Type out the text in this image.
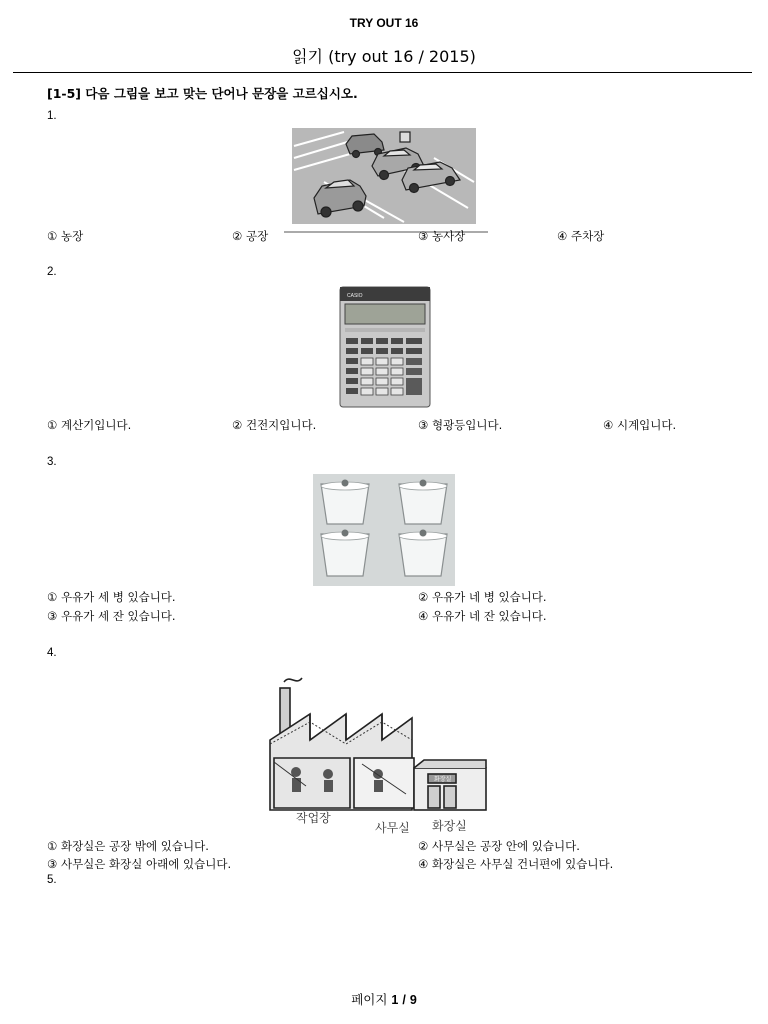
TRY OUT 16
읽기 (try out 16 / 2015)
[1-5] 다음 그림을 보고 맞는 단어나 문장을 고르십시오.
1.
① 농장	② 공장	③ 농사장	④ 주차장
2.
CASIO
① 계산기입니다.	② 건전지입니다.	③ 형광등입니다.	④ 시계입니다.
3.
① 우유가 세 병 있습니다.	② 우유가 네 병 있습니다.
③ 우유가 세 잔 있습니다.	④ 우유가 네 잔 있습니다.
4.
화장실
작업장
사무실 화장실
① 화장실은 공장 밖에 있습니다.	② 사무실은 공장 안에 있습니다.
③ 사무실은 화장실 아래에 있습니다.	④ 화장실은 사무실 건너편에 있습니다.
5.
페이지 1 / 9
